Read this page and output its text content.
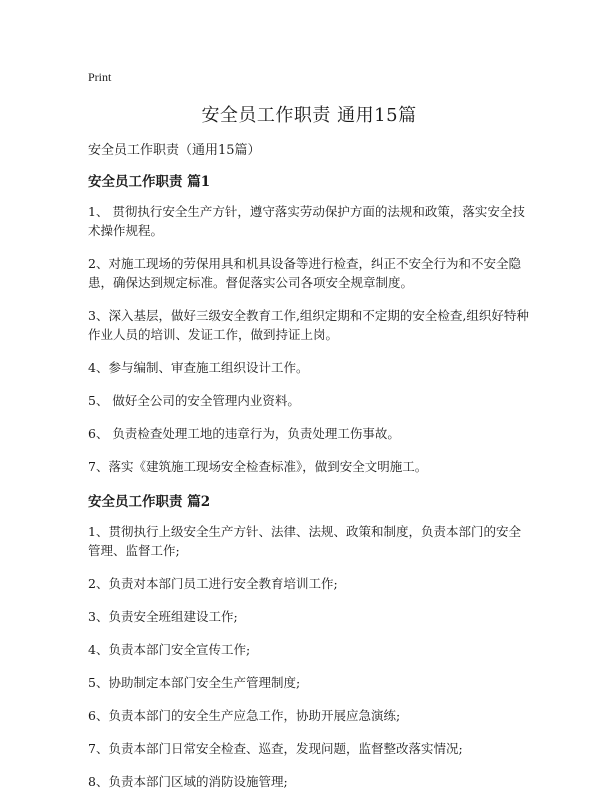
Print
安全员工作职责 通用15篇

安全员工作职责（通用15篇）

安全员工作职责 篇1

1、 贯彻执行安全生产方针，遵守落实劳动保护方面的法规和政策，落实安全技术操作规程。

2、对施工现场的劳保用具和机具设备等进行检查，纠正不安全行为和不安全隐患，确保达到规定标准。督促落实公司各项安全规章制度。

3、深入基层，做好三级安全教育工作,组织定期和不定期的安全检查,组织好特种作业人员的培训、发证工作，做到持证上岗。

4、参与编制、审查施工组织设计工作。

5、 做好全公司的安全管理内业资料。

6、 负责检查处理工地的违章行为，负责处理工伤事故。

7、落实《建筑施工现场安全检查标准》，做到安全文明施工。

安全员工作职责 篇2

1、贯彻执行上级安全生产方针、法律、法规、政策和制度，负责本部门的安全管理、监督工作;

2、负责对本部门员工进行安全教育培训工作;

3、负责安全班组建设工作;

4、负责本部门安全宣传工作;

5、协助制定本部门安全生产管理制度;

6、负责本部门的安全生产应急工作，协助开展应急演练;

7、负责本部门日常安全检查、巡查，发现问题，监督整改落实情况;

8、负责本部门区域的消防设施管理;
